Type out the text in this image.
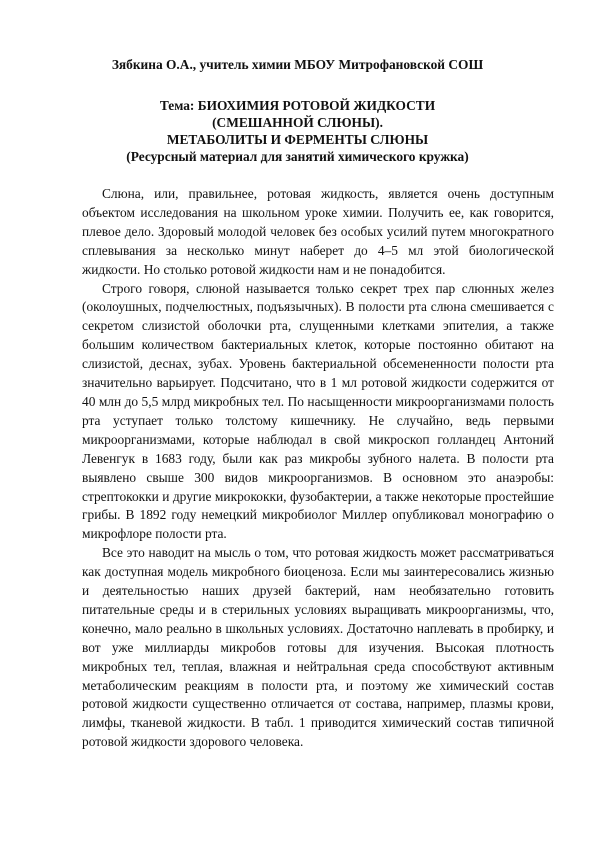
Зябкина О.А., учитель химии МБОУ Митрофановской СОШ
Тема: БИОХИМИЯ РОТОВОЙ ЖИДКОСТИ
(СМЕШАННОЙ СЛЮНЫ).
МЕТАБОЛИТЫ И ФЕРМЕНТЫ СЛЮНЫ
(Ресурсный материал для занятий химического кружка)

Слюна, или, правильнее, ротовая жидкость, является очень доступным объектом исследования на школьном уроке химии. Получить ее, как говорится, плевое дело. Здоровый молодой человек без особых усилий путем многократного сплевывания за несколько минут наберет до 4–5 мл этой биологической жидкости. Но столько ротовой жидкости нам и не понадобится.

Строго говоря, слюной называется только секрет трех пар слюнных желез (околоушных, подчелюстных, подъязычных). В полости рта слюна смешивается с секретом слизистой оболочки рта, слущенными клетками эпителия, а также большим количеством бактериальных клеток, которые постоянно обитают на слизистой, деснах, зубах. Уровень бактериальной обсемененности полости рта значительно варьирует. Подсчитано, что в 1 мл ротовой жидкости содержится от 40 млн до 5,5 млрд микробных тел. По насыщенности микроорганизмами полость рта уступает только толстому кишечнику. Не случайно, ведь первыми микроорганизмами, которые наблюдал в свой микроскоп голландец Антоний Левенгук в 1683 году, были как раз микробы зубного налета. В полости рта выявлено свыше 300 видов микроорганизмов. В основном это анаэробы: стрептококки и другие микрококки, фузобактерии, а также некоторые простейшие грибы. В 1892 году немецкий микробиолог Миллер опубликовал монографию о микрофлоре полости рта.

Все это наводит на мысль о том, что ротовая жидкость может рассматриваться как доступная модель микробного биоценоза. Если мы заинтересовались жизнью и деятельностью наших друзей бактерий, нам необязательно готовить питательные среды и в стерильных условиях выращивать микроорганизмы, что, конечно, мало реально в школьных условиях. Достаточно наплевать в пробирку, и вот уже миллиарды микробов готовы для изучения. Высокая плотность микробных тел, теплая, влажная и нейтральная среда способствуют активным метаболическим реакциям в полости рта, и поэтому же химический состав ротовой жидкости существенно отличается от состава, например, плазмы крови, лимфы, тканевой жидкости. В табл. 1 приводится химический состав типичной ротовой жидкости здорового человека.
